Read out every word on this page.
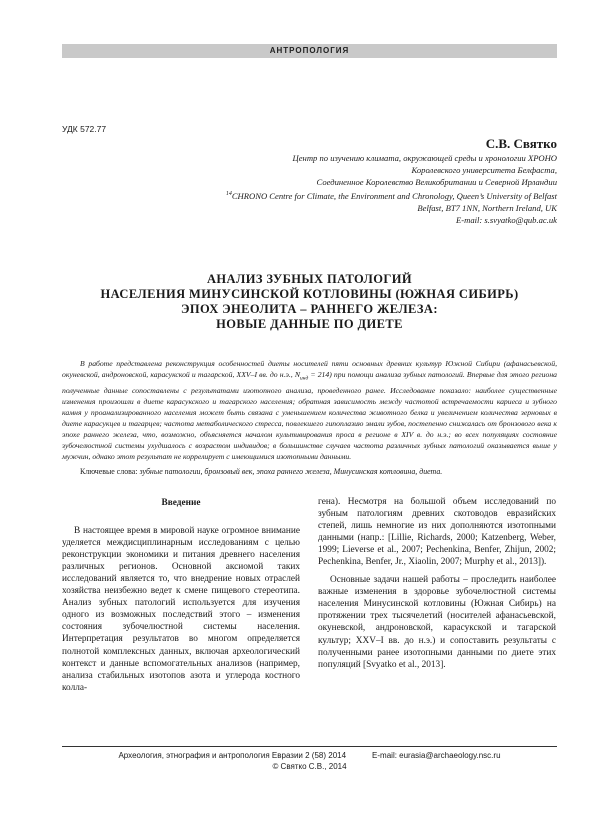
АНТРОПОЛОГИЯ
УДК 572.77
С.В. Святко
Центр по изучению климата, окружающей среды и хронологии ХРОНО
Королевского университета Белфаста,
Соединенное Королевство Великобритании и Северной Ирландии
$^{14}$CHRONO Centre for Climate, the Environment and Chronology, Queen’s University of Belfast
Belfast, BT7 1NN, Northern Ireland, UK
E-mail: s.svyatko@qub.ac.uk
АНАЛИЗ ЗУБНЫХ ПАТОЛОГИЙ
НАСЕЛЕНИЯ МИНУСИНСКОЙ КОТЛОВИНЫ (ЮЖНАЯ СИБИРЬ)
ЭПОХ ЭНЕОЛИТА – РАННЕГО ЖЕЛЕЗА:
НОВЫЕ ДАННЫЕ ПО ДИЕТЕ

В работе представлена реконструкция особенностей диеты носителей пяти основных древних культур Южной Сибири (афанасьевской, окуневской, андроновской, карасукской и тагарской, XXV–I вв. до н.э., $N_{инд} = 214$) при помощи анализа зубных патологий. Впервые для этого региона полученные данные сопоставлены с результатами изотопного анализа, проведенного ранее. Исследование показало: наиболее существенные изменения произошли в диете карасукского и тагарского населения; обратная зависимость между частотой встречаемости кариеса и зубного камня у проанализированного населения может быть связана с уменьшением количества животного белка и увеличением количества зерновых в диете карасукцев и тагарцев; частота метаболического стресса, повлекшего гипоплазию эмали зубов, постепенно снижалась от бронзового века к эпохе раннего железа, что, возможно, объясняется началом культивирования проса в регионе в XIV в. до н.э.; во всех популяциях состояние зубочелюстной системы ухудшалось с возрастом индивидов; в большинстве случаев частота различных зубных патологий оказывается выше у мужчин, однако этот результат не коррелирует с имеющимися изотопными данными.

Ключевые слова: зубные патологии, бронзовый век, эпоха раннего железа, Минусинская котловина, диета.
Введение

В настоящее время в мировой науке огромное внимание уделяется междисциплинарным исследованиям с целью реконструкции экономики и питания древнего населения различных регионов. Основной аксиомой таких исследований является то, что внедрение новых отраслей хозяйства неизбежно ведет к смене пищевого стереотипа. Анализ зубных патологий используется для изучения одного из возможных последствий этого – изменения состояния зубочелюстной системы населения. Интерпретация результатов во многом определяется полнотой комплексных данных, включая археологический контекст и данные вспомогательных анализов (например, анализа стабильных изотопов азота и углерода костного колла-

гена). Несмотря на большой объем исследований по зубным патологиям древних скотоводов евразийских степей, лишь немногие из них дополняются изотопными данными (напр.: [Lillie, Richards, 2000; Katzenberg, Weber, 1999; Lieverse et al., 2007; Pechenkina, Benfer, Zhijun, 2002; Pechenkina, Benfer, Jr., Xiaolin, 2007; Murphy et al., 2013]).

Основные задачи нашей работы – проследить наиболее важные изменения в здоровье зубочелюстной системы населения Минусинской котловины (Южная Сибирь) на протяжении трех тысячелетий (носителей афанасьевской, окуневской, андроновской, карасукской и тагарской культур; XXV–I вв. до н.э.) и сопоставить результаты с полученными ранее изотопными данными по диете этих популяций [Svyatko et al., 2013].

Археология, этнография и антропология Евразии 2 (58) 2014	E-mail: eurasia@archaeology.nsc.ru
© Святко С.В., 2014
